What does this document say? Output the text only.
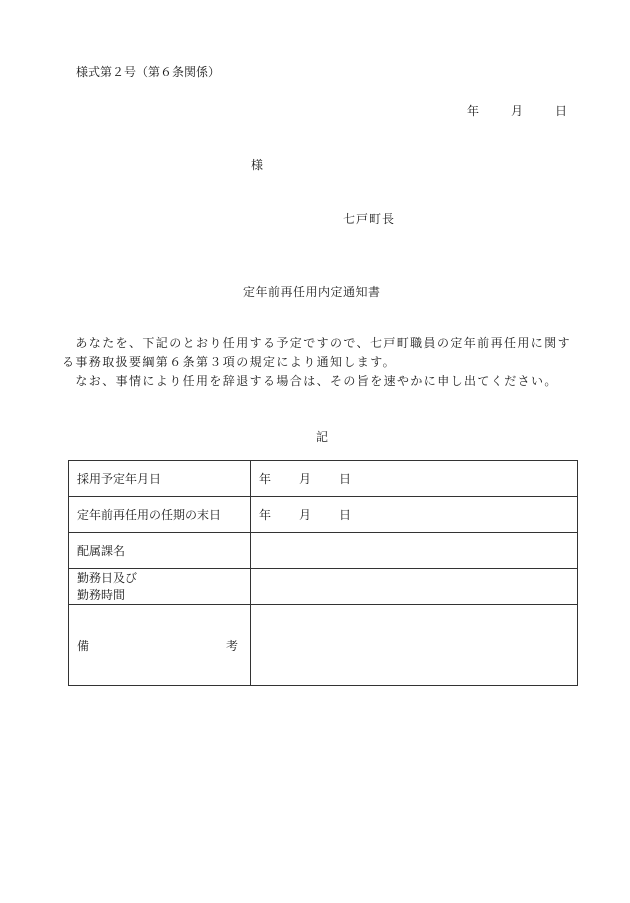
様式第２号（第６条関係）
年	月	日
様
七戸町長
定年前再任用内定通知書
　あなたを、下記のとおり任用する予定ですので、七戸町職員の定年前再任用に関する事務取扱要綱第６条第３項の規定により通知します。
　なお、事情により任用を辞退する場合は、その旨を速やかに申し出てください。
記
採用予定年月日	年 月 日
定年前再任用の任期の末日	年 月 日
配属課名	

勤務日及び
勤務時間	

備 考	
